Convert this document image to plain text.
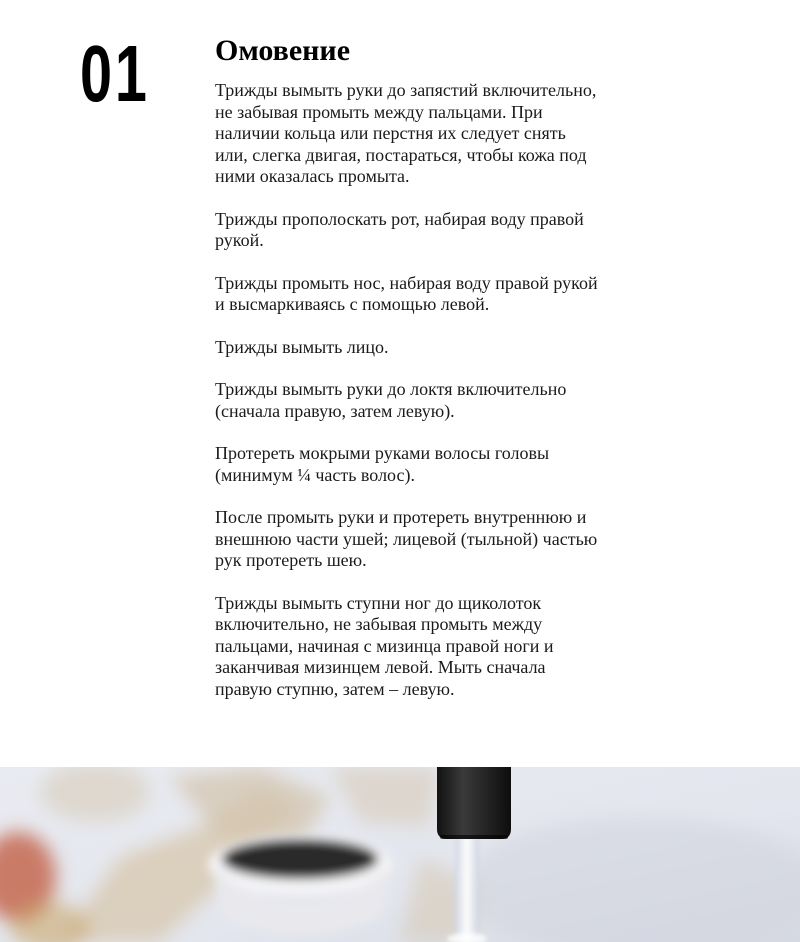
01 Омовение

Трижды вымыть руки до запястий включительно, не забывая промыть между пальцами. При наличии кольца или перстня их следует снять или, слегка двигая, постараться, чтобы кожа под ними оказалась промыта.

Трижды прополоскать рот, набирая воду правой рукой.

Трижды промыть нос, набирая воду правой рукой и высмаркиваясь с помощью левой.

Трижды вымыть лицо.

Трижды вымыть руки до локтя включительно (сначала правую, затем левую).

Протереть мокрыми руками волосы головы (минимум ¼ часть волос).

После промыть руки и протереть внутреннюю и внешнюю части ушей; лицевой (тыльной) частью рук протереть шею.

Трижды вымыть ступни ног до щиколоток включительно, не забывая промыть между пальцами, начиная с мизинца правой ноги и заканчивая мизинцем левой. Мыть сначала правую ступню, затем – левую.
